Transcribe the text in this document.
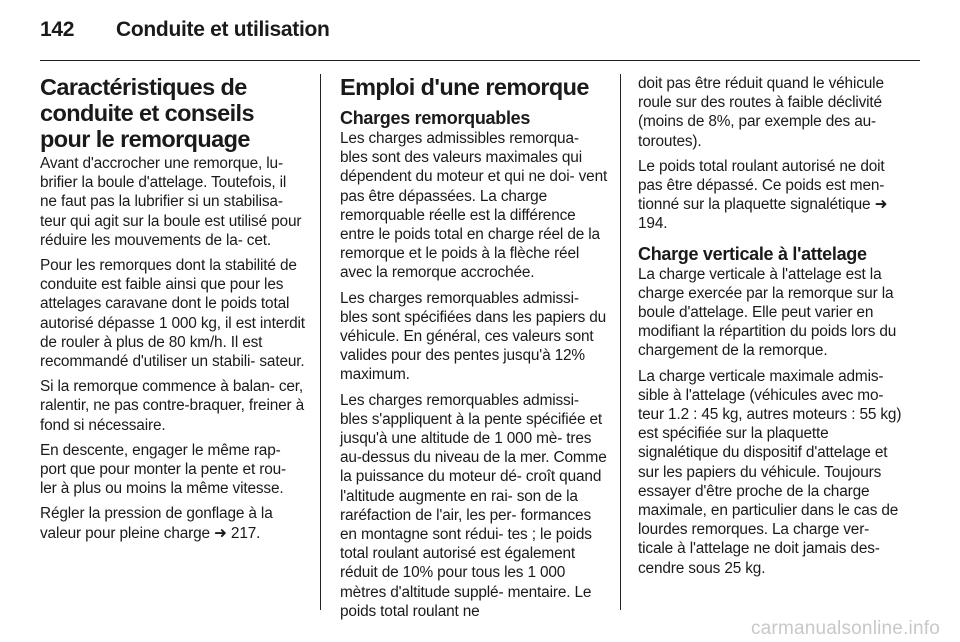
142 Conduite et utilisation
Caractéristiques de conduite et conseils pour le remorquage

Avant d'accrocher une remorque, lu- brifier la boule d'attelage. Toutefois, il ne faut pas la lubrifier si un stabilisa- teur qui agit sur la boule est utilisé pour réduire les mouvements de la- cet.

Pour les remorques dont la stabilité de conduite est faible ainsi que pour les attelages caravane dont le poids total autorisé dépasse 1 000 kg, il est interdit de rouler à plus de 80 km/h. Il est recommandé d'utiliser un stabili- sateur.

Si la remorque commence à balan- cer, ralentir, ne pas contre-braquer, freiner à fond si nécessaire.

En descente, engager le même rap- port que pour monter la pente et rou- ler à plus ou moins la même vitesse.

Régler la pression de gonflage à la valeur pour pleine charge ➜ 217.

Emploi d'une remorque
Charges remorquables

Les charges admissibles remorqua- bles sont des valeurs maximales qui dépendent du moteur et qui ne doi- vent pas être dépassées. La charge remorquable réelle est la différence entre le poids total en charge réel de la remorque et le poids à la flèche réel avec la remorque accrochée.

Les charges remorquables admissi- bles sont spécifiées dans les papiers du véhicule. En général, ces valeurs sont valides pour des pentes jusqu'à 12% maximum.

Les charges remorquables admissi- bles s'appliquent à la pente spécifiée et jusqu'à une altitude de 1 000 mè- tres au-dessus du niveau de la mer. Comme la puissance du moteur dé- croît quand l'altitude augmente en rai- son de la raréfaction de l'air, les per- formances en montagne sont rédui- tes ; le poids total roulant autorisé est également réduit de 10% pour tous les 1 000 mètres d'altitude supplé- mentaire. Le poids total roulant ne

doit pas être réduit quand le véhicule roule sur des routes à faible déclivité (moins de 8%, par exemple des au- toroutes).

Le poids total roulant autorisé ne doit pas être dépassé. Ce poids est men- tionné sur la plaquette signalétique ➜ 194.

Charge verticale à l'attelage

La charge verticale à l'attelage est la charge exercée par la remorque sur la boule d'attelage. Elle peut varier en modifiant la répartition du poids lors du chargement de la remorque.

La charge verticale maximale admis- sible à l'attelage (véhicules avec mo- teur 1.2 : 45 kg, autres moteurs : 55 kg) est spécifiée sur la plaquette signalétique du dispositif d'attelage et sur les papiers du véhicule. Toujours essayer d'être proche de la charge maximale, en particulier dans le cas de lourdes remorques. La charge ver- ticale à l'attelage ne doit jamais des- cendre sous 25 kg.

carmanualsonline.info
